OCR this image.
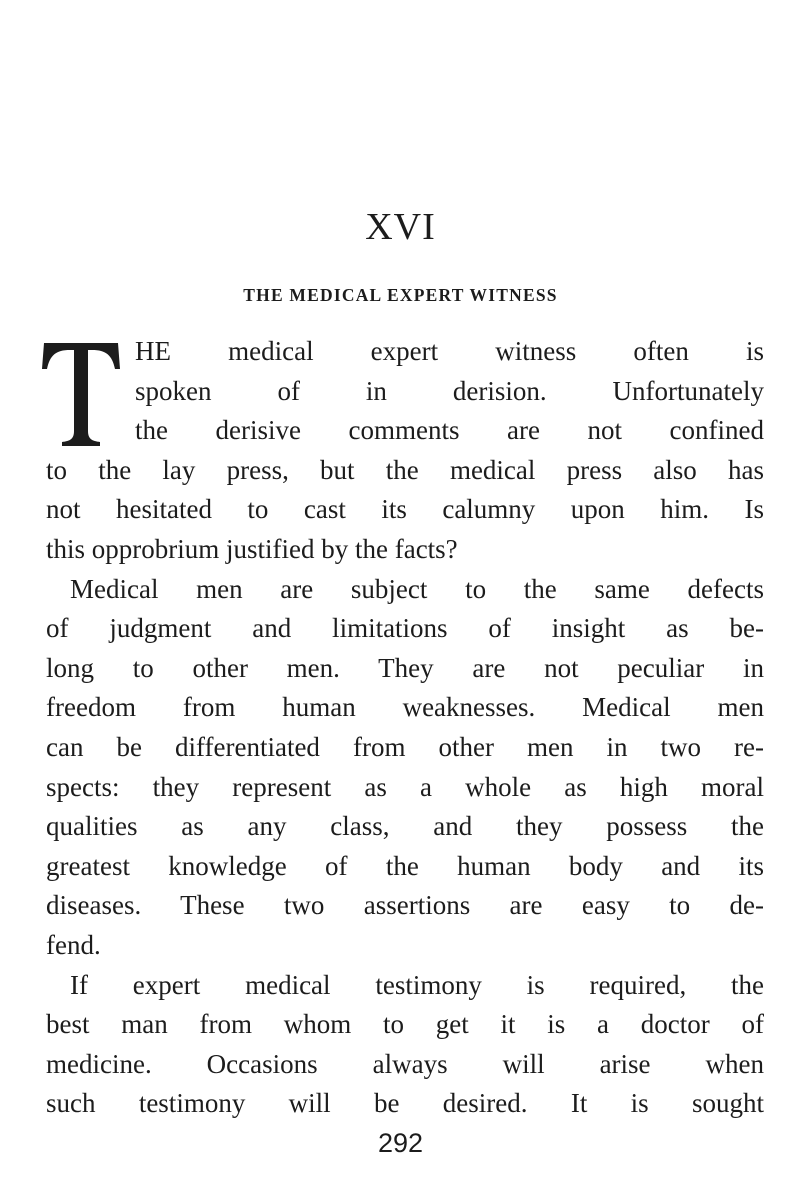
XVI
THE MEDICAL EXPERT WITNESS
HE medical expert witness often is
spoken of in derision. Unfortunately
the derisive comments are not confined
to the lay press, but the medical press also has
not hesitated to cast its calumny upon him. Is
this opprobrium justified by the facts?
Medical men are subject to the same defects
of judgment and limitations of insight as be-
long to other men. They are not peculiar in
freedom from human weaknesses. Medical men
can be differentiated from other men in two re-
spects: they represent as a whole as high moral
qualities as any class, and they possess the
greatest knowledge of the human body and its
diseases. These two assertions are easy to de-
fend.
If expert medical testimony is required, the
best man from whom to get it is a doctor of
medicine. Occasions always will arise when
such testimony will be desired. It is sought
292
